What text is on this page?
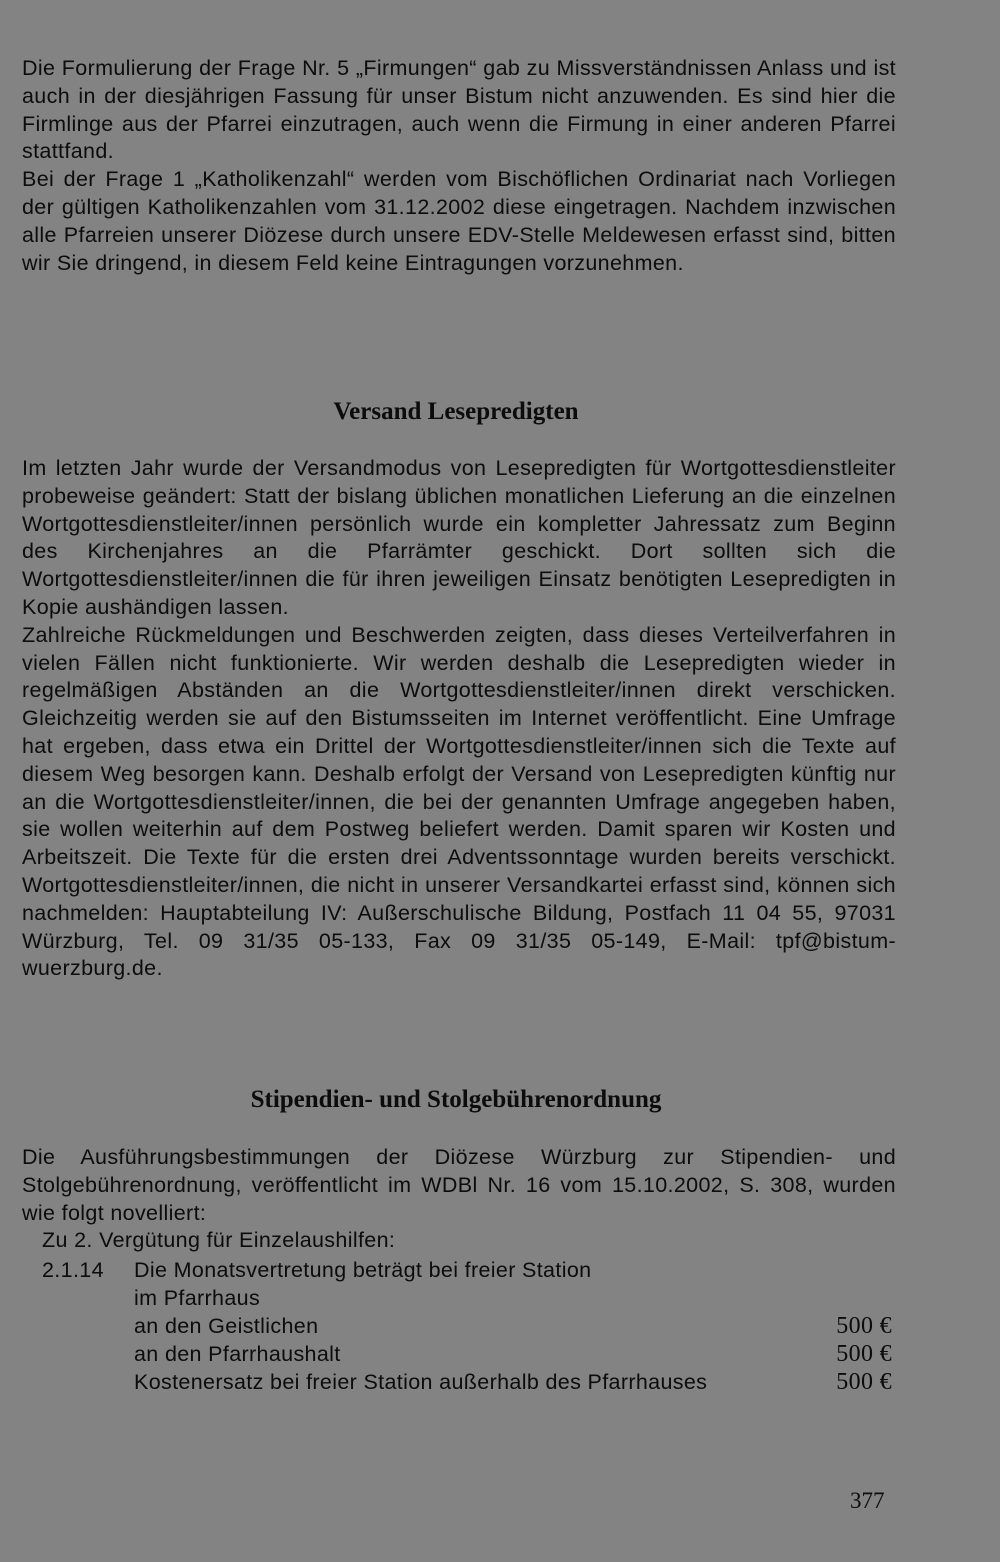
Die Formulierung der Frage Nr. 5 „Firmungen“ gab zu Missverständnissen Anlass und ist auch in der diesjährigen Fassung für unser Bistum nicht anzuwenden. Es sind hier die Firmlinge aus der Pfarrei einzutragen, auch wenn die Firmung in einer anderen Pfarrei stattfand.

Bei der Frage 1 „Katholikenzahl“ werden vom Bischöflichen Ordinariat nach Vorliegen der gültigen Katholikenzahlen vom 31.12.2002 diese eingetragen. Nachdem inzwischen alle Pfarreien unserer Diözese durch unsere EDV-Stelle Meldewesen erfasst sind, bitten wir Sie dringend, in diesem Feld keine Eintragungen vorzunehmen.

Versand Lesepredigten

Im letzten Jahr wurde der Versandmodus von Lesepredigten für Wortgottesdienstleiter probeweise geändert: Statt der bislang üblichen monatlichen Lieferung an die einzelnen Wortgottesdienstleiter/innen persönlich wurde ein kompletter Jahressatz zum Beginn des Kirchenjahres an die Pfarrämter geschickt. Dort sollten sich die Wortgottesdienstleiter/innen die für ihren jeweiligen Einsatz benötigten Lesepredigten in Kopie aushändigen lassen.

Zahlreiche Rückmeldungen und Beschwerden zeigten, dass dieses Verteilverfahren in vielen Fällen nicht funktionierte. Wir werden deshalb die Lesepredigten wieder in regelmäßigen Abständen an die Wortgottesdienstleiter/innen direkt verschicken. Gleichzeitig werden sie auf den Bistumsseiten im Internet veröffentlicht. Eine Umfrage hat ergeben, dass etwa ein Drittel der Wortgottesdienstleiter/innen sich die Texte auf diesem Weg besorgen kann. Deshalb erfolgt der Versand von Lesepredigten künftig nur an die Wortgottesdienstleiter/innen, die bei der genannten Umfrage angegeben haben, sie wollen weiterhin auf dem Postweg beliefert werden. Damit sparen wir Kosten und Arbeitszeit. Die Texte für die ersten drei Adventssonntage wurden bereits verschickt. Wortgottesdienstleiter/innen, die nicht in unserer Versandkartei erfasst sind, können sich nachmelden: Hauptabteilung IV: Außerschulische Bildung, Postfach 11 04 55, 97031 Würzburg, Tel. 09 31/35 05-133, Fax 09 31/35 05-149, E-Mail: tpf@bistum-wuerzburg.de.

Stipendien- und Stolgebührenordnung

Die Ausführungsbestimmungen der Diözese Würzburg zur Stipendien- und Stolgebührenordnung, veröffentlicht im WDBl Nr. 16 vom 15.10.2002, S. 308, wurden wie folgt novelliert:

Zu 2. Vergütung für Einzelaushilfen:
2.1.14	Die Monatsvertretung beträgt bei freier Station
im Pfarrhaus
an den Geistlichen	500 €
an den Pfarrhaushalt	500 €
Kostenersatz bei freier Station außerhalb des Pfarrhauses	500 €
377
